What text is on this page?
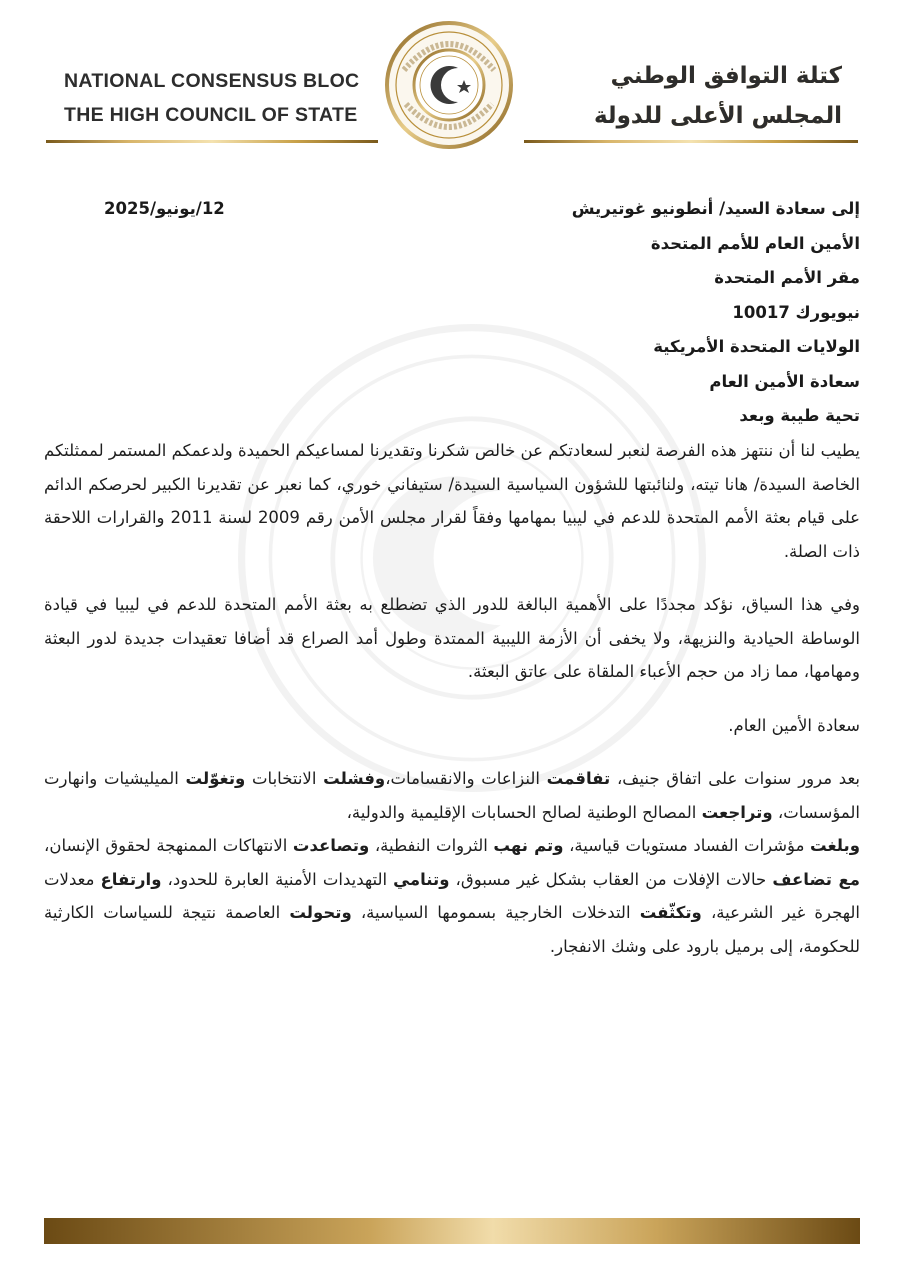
NATIONAL CONSENSUS BLOC
THE HIGH COUNCIL OF STATE
كتلة التوافق الوطني
المجلس الأعلى للدولة
12/يونيو/2025	إلى سعادة السيد/ أنطونيو غوتيريش
الأمين العام للأمم المتحدة
مقر الأمم المتحدة
نيويورك 10017
الولايات المتحدة الأمريكية
سعادة الأمين العام
تحية طيبة وبعد

يطيب لنا أن ننتهز هذه الفرصة لنعبر لسعادتكم عن خالص شكرنا وتقديرنا لمساعيكم الحميدة ولدعمكم المستمر لممثلتكم الخاصة السيدة/ هانا تيته، ولنائبتها للشؤون السياسية السيدة/ ستيفاني خوري، كما نعبر عن تقديرنا الكبير لحرصكم الدائم على قيام بعثة الأمم المتحدة للدعم في ليبيا بمهامها وفقاً لقرار مجلس الأمن رقم 2009 لسنة 2011 والقرارات اللاحقة ذات الصلة.

وفي هذا السياق، نؤكد مجددًا على الأهمية البالغة للدور الذي تضطلع به بعثة الأمم المتحدة للدعم في ليبيا في قيادة الوساطة الحيادية والنزيهة، ولا يخفى أن الأزمة الليبية الممتدة وطول أمد الصراع قد أضافا تعقيدات جديدة لدور البعثة ومهامها، مما زاد من حجم الأعباء الملقاة على عاتق البعثة.

سعادة الأمين العام.

بعد مرور سنوات على اتفاق جنيف، تفاقمت النزاعات والانقسامات،وفشلت الانتخابات وتغوّلت الميليشيات وانهارت المؤسسات، وتراجعت المصالح الوطنية لصالح الحسابات الإقليمية والدولية،

وبلغت مؤشرات الفساد مستويات قياسية، وتم نهب الثروات النفطية، وتصاعدت الانتهاكات الممنهجة لحقوق الإنسان، مع تضاعف حالات الإفلات من العقاب بشكل غير مسبوق، وتنامي التهديدات الأمنية العابرة للحدود، وارتفاع معدلات الهجرة غير الشرعية، وتكثّفت التدخلات الخارجية بسمومها السياسية، وتحولت العاصمة نتيجة للسياسات الكارثية للحكومة، إلى برميل بارود على وشك الانفجار.
